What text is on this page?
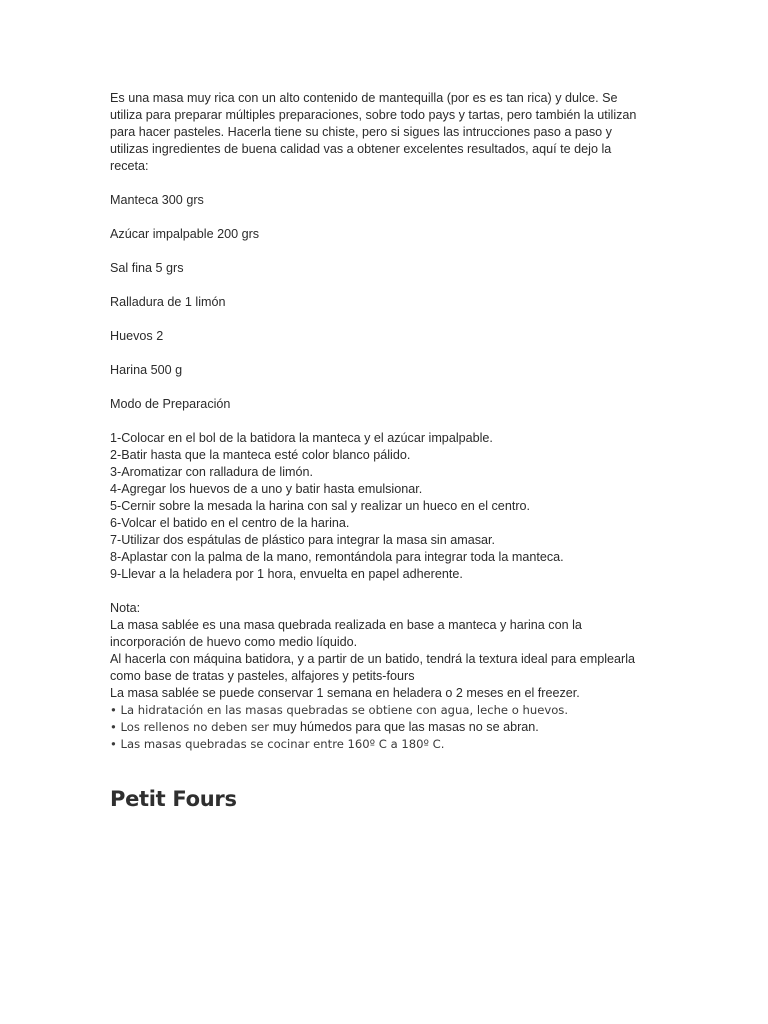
Es una masa muy rica con un alto contenido de mantequilla (por es es tan rica) y dulce. Se
utiliza para preparar múltiples preparaciones, sobre todo pays y tartas, pero también la utilizan
para hacer pasteles. Hacerla tiene su chiste, pero si sigues las intrucciones paso a paso y
utilizas ingredientes de buena calidad vas a obtener excelentes resultados, aquí te dejo la
receta:

Manteca 300 grs

Azúcar impalpable 200 grs

Sal fina 5 grs

Ralladura de 1 limón

Huevos 2

Harina 500 g

Modo de Preparación

1-Colocar en el bol de la batidora la manteca y el azúcar impalpable.
2-Batir hasta que la manteca esté color blanco pálido.
3-Aromatizar con ralladura de limón.
4-Agregar los huevos de a uno y batir hasta emulsionar.
5-Cernir sobre la mesada la harina con sal y realizar un hueco en el centro.
6-Volcar el batido en el centro de la harina.
7-Utilizar dos espátulas de plástico para integrar la masa sin amasar.
8-Aplastar con la palma de la mano, remontándola para integrar toda la manteca.
9-Llevar a la heladera por 1 hora, envuelta en papel adherente.
Nota:
La masa sablée es una masa quebrada realizada en base a manteca y harina con la
incorporación de huevo como medio líquido.
Al hacerla con máquina batidora, y a partir de un batido, tendrá la textura ideal para emplearla
como base de tratas y pasteles, alfajores y petits-fours
La masa sablée se puede conservar 1 semana en heladera o 2 meses en el freezer.
• La hidratación en las masas quebradas se obtiene con agua, leche o huevos.
• Los rellenos no deben ser muy húmedos para que las masas no se abran.
• Las masas quebradas se cocinar entre 160º C a 180º C.
Petit Fours
